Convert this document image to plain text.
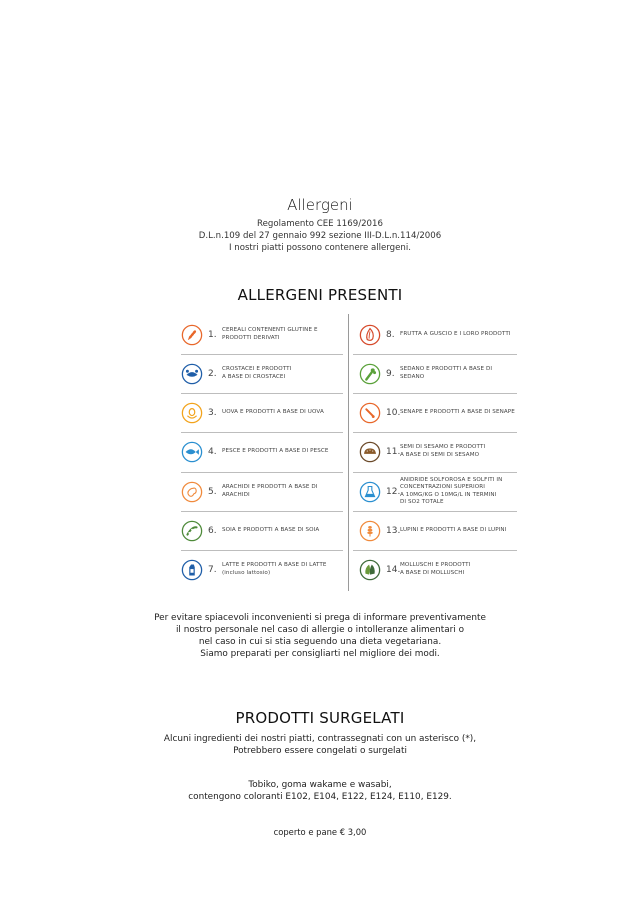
Allergeni
Regolamento CEE 1169/2016
D.L.n.109 del 27 gennaio 992 sezione III-D.L.n.114/2006
I nostri piatti possono contenere allergeni.
ALLERGENI PRESENTI
1. CEREALI CONTENENTI GLUTINE E
PRODOTTI DERIVATI
2. CROSTACEI E PRODOTTI
A BASE DI CROSTACEI
3. UOVA E PRODOTTI A BASE DI UOVA
4. PESCE E PRODOTTI A BASE DI PESCE
5. ARACHIDI E PRODOTTI A BASE DI ARACHIDI
6. SOIA E PRODOTTI A BASE DI SOIA
7. LATTE E PRODOTTI A BASE DI LATTE
(incluso lattosio)
8. FRUTTA A GUSCIO E I LORO PRODOTTI
9. SEDANO E PRODOTTI A BASE DI SEDANO
10. SENAPE E PRODOTTI A BASE DI SENAPE
11. SEMI DI SESAMO E PRODOTTI
A BASE DI SEMI DI SESAMO
12.
ANIDRIDE SOLFOROSA E SOLFITI IN
CONCENTRAZIONI SUPERIORI
A 10MG/KG O 10MG/L IN TERMINI
DI SO2 TOTALE
13. LUPINI E PRODOTTI A BASE DI LUPINI
14. MOLLUSCHI E PRODOTTI
A BASE DI MOLLUSCHI
Per evitare spiacevoli inconvenienti si prega di informare preventivamente
il nostro personale nel caso di allergie o intolleranze alimentari o
nel caso in cui si stia seguendo una dieta vegetariana.
Siamo preparati per consigliarti nel migliore dei modi.
PRODOTTI SURGELATI
Alcuni ingredienti dei nostri piatti, contrassegnati con un asterisco (*),
Potrebbero essere congelati o surgelati
Tobiko, goma wakame e wasabi,
contengono coloranti E102, E104, E122, E124, E110, E129.
coperto e pane € 3,00
